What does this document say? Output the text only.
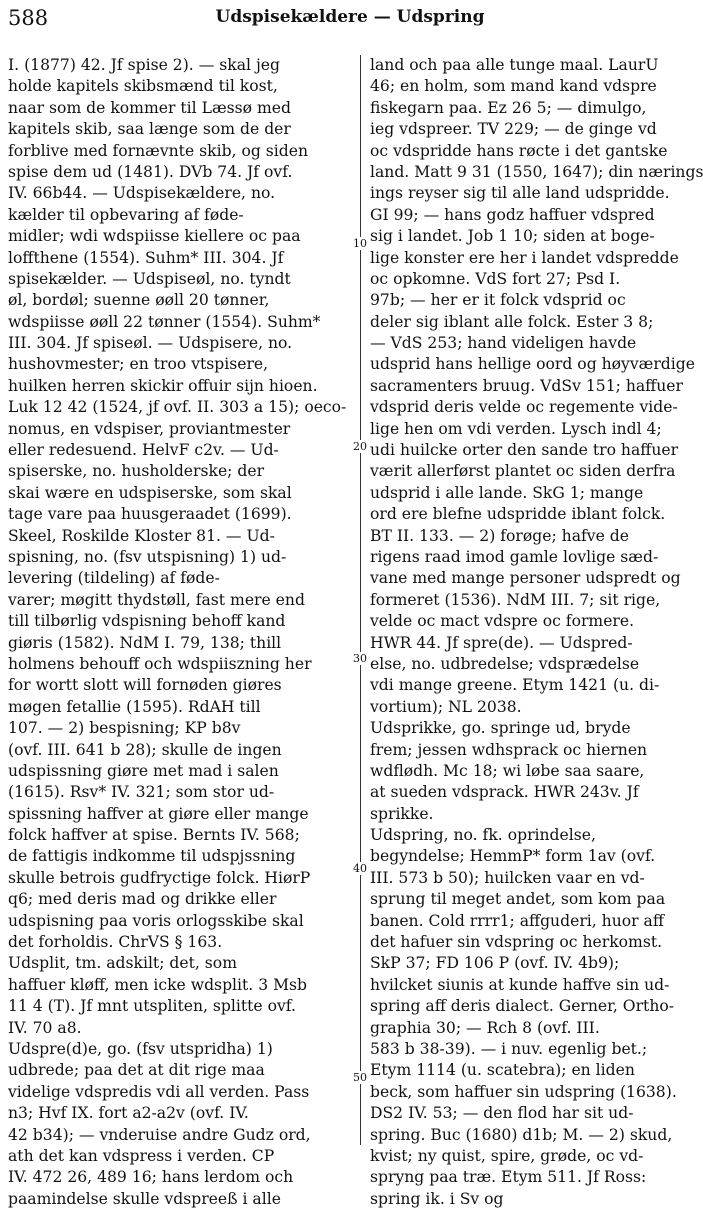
588	Udspisekældere — Udspring
I. (1877) 42. Jf spise 2). — skal jeg
holde kapitels skibsmænd til kost,
naar som de kommer til Læssø med
kapitels skib, saa længe som de der
forblive med fornævnte skib, og siden
spise dem ud (1481). DVb 74. Jf ovf.
IV. 66b44. — Udspisekældere, no.
kælder til opbevaring af føde-
midler; wdi wdspiisse kiellere oc paa
loffthene (1554). Suhm* III. 304. Jf
spisekælder. — Udspiseøl, no. tyndt
øl, bordøl; suenne øøll 20 tønner,
wdspiisse øøll 22 tønner (1554). Suhm*
III. 304. Jf spiseøl. — Udspisere, no.
hushovmester; en troo vtspisere,
huilken herren skickir offuir sijn hioen.
Luk 12 42 (1524, jf ovf. II. 303 a 15); oeco-
nomus, en vdspiser, proviantmester
eller redesuend. HelvF c2v. — Ud-
spiserske, no. husholderske; der
skai wære en udspiserske, som skal
tage vare paa huusgeraadet (1699).
Skeel, Roskilde Kloster 81. — Ud-
spisning, no. (fsv utspisning) 1) ud-
levering (tildeling) af føde-
varer; møgitt thydstøll, fast mere end
till tilbørlig vdspisning behoff kand
giøris (1582). NdM I. 79, 138; thill
holmens behouff och wdspiiszning her
for wortt slott will fornøden giøres
møgen fetallie (1595). RdAH till
107. — 2) bespisning; KP b8v
(ovf. III. 641 b 28); skulle de ingen
udspissning giøre met mad i salen
(1615). Rsv* IV. 321; som stor ud-
spissning haffver at giøre eller mange
folck haffver at spise. Bernts IV. 568;
de fattigis indkomme til udspjssning
skulle betrois gudfryctige folck. HiørP
q6; med deris mad og drikke eller
udspisning paa voris orlogsskibe skal
det forholdis. ChrVS § 163.
Udsplit, tm. adskilt; det, som
haffuer kløff, men icke wdsplit. 3 Msb
11 4 (T). Jf mnt utspliten, splitte ovf.
IV. 70 a8.
Udspre(d)e, go. (fsv utspridha) 1)
udbrede; paa det at dit rige maa
videlige vdspredis vdi all verden. Pass
n3; Hvf IX. fort a2-a2v (ovf. IV.
42 b34); — vnderuise andre Gudz ord,
ath det kan vdspress i verden. CP
IV. 472 26, 489 16; hans lerdom och
paamindelse skulle vdspreeß i alle
land och paa alle tunge maal. LaurU
46; en holm, som mand kand vdspre
fiskegarn paa. Ez 26 5; — dimulgo,
ieg vdspreer. TV 229; — de ginge vd
oc vdspridde hans røcte i det gantske
land. Matt 9 31 (1550, 1647); din nærings
ings reyser sig til alle land udspridde.
GI 99; — hans godz haffuer vdspred
sig i landet. Job 1 10; siden at boge-
lige konster ere her i landet vdspredde
oc opkomne. VdS fort 27; Psd I.
97b; — her er it folck vdsprid oc
deler sig iblant alle folck. Ester 3 8;
— VdS 253; hand videligen havde
udsprid hans hellige oord og høyværdige
sacramenters bruug. VdSv 151; haffuer
vdsprid deris velde oc regemente vide-
lige hen om vdi verden. Lysch indl 4;
udi huilcke orter den sande tro haffuer
værit allerførst plantet oc siden derfra
udsprid i alle lande. SkG 1; mange
ord ere blefne udspridde iblant folck.
BT II. 133. — 2) forøge; hafve de
rigens raad imod gamle lovlige sæd-
vane med mange personer udspredt og
formeret (1536). NdM III. 7; sit rige,
velde oc mact vdspre oc formere.
HWR 44. Jf spre(de). — Udspred-
else, no. udbredelse; vdsprædelse
vdi mange greene. Etym 1421 (u. di-
vortium); NL 2038.
Udsprikke, go. springe ud, bryde
frem; jessen wdhsprack oc hiernen
wdflødh. Mc 18; wi løbe saa saare,
at sueden vdsprack. HWR 243v. Jf
sprikke.
Udspring, no. fk. oprindelse,
begyndelse; HemmP* form 1av (ovf.
III. 573 b 50); huilcken vaar en vd-
sprung til meget andet, som kom paa
banen. Cold rrrr1; affguderi, huor aff
det hafuer sin vdspring oc herkomst.
SkP 37; FD 106 P (ovf. IV. 4b9);
hvilcket siunis at kunde haffve sin ud-
spring aff deris dialect. Gerner, Ortho-
graphia 30; — Rch 8 (ovf. III.
583 b 38-39). — i nuv. egenlig bet.;
Etym 1114 (u. scatebra); en liden
beck, som haffuer sin udspring (1638).
DS2 IV. 53; — den flod har sit ud-
spring. Buc (1680) d1b; M. — 2) skud,
kvist; ny quist, spire, grøde, oc vd-
spryng paa træ. Etym 511. Jf Ross:
spring ik. i Sv og
10
20
30
40
50
